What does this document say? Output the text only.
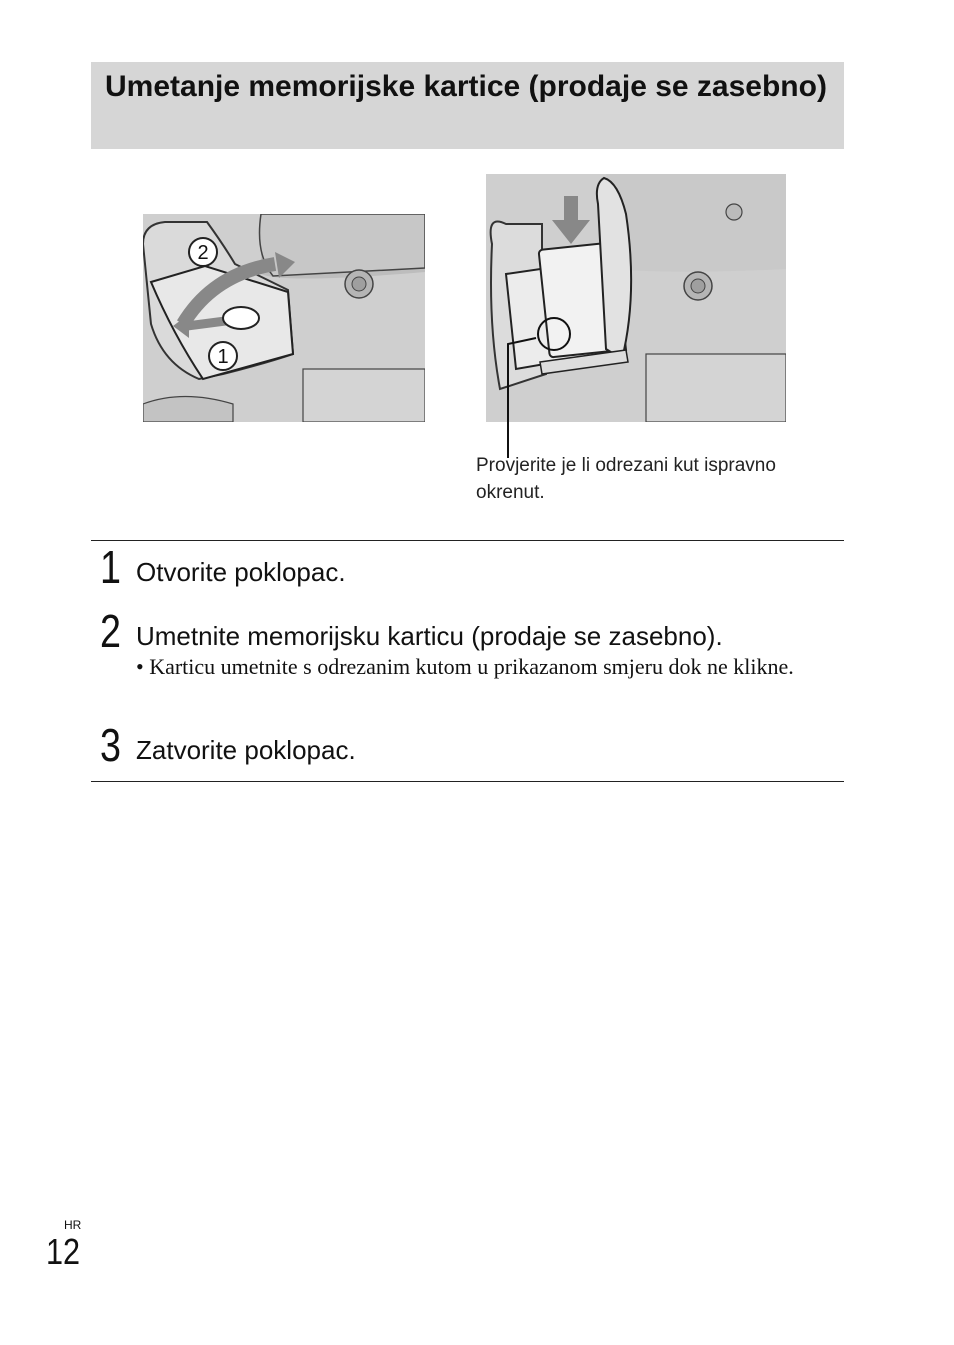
Umetanje memorijske kartice (prodaje se zasebno)
2
1
Provjerite je li odrezani kut ispravno okrenut.
1 Otvorite poklopac.
2 Umetnite memorijsku karticu (prodaje se zasebno).
• Karticu umetnite s odrezanim kutom u prikazanom smjeru dok ne klikne.
3 Zatvorite poklopac.
HR
12
